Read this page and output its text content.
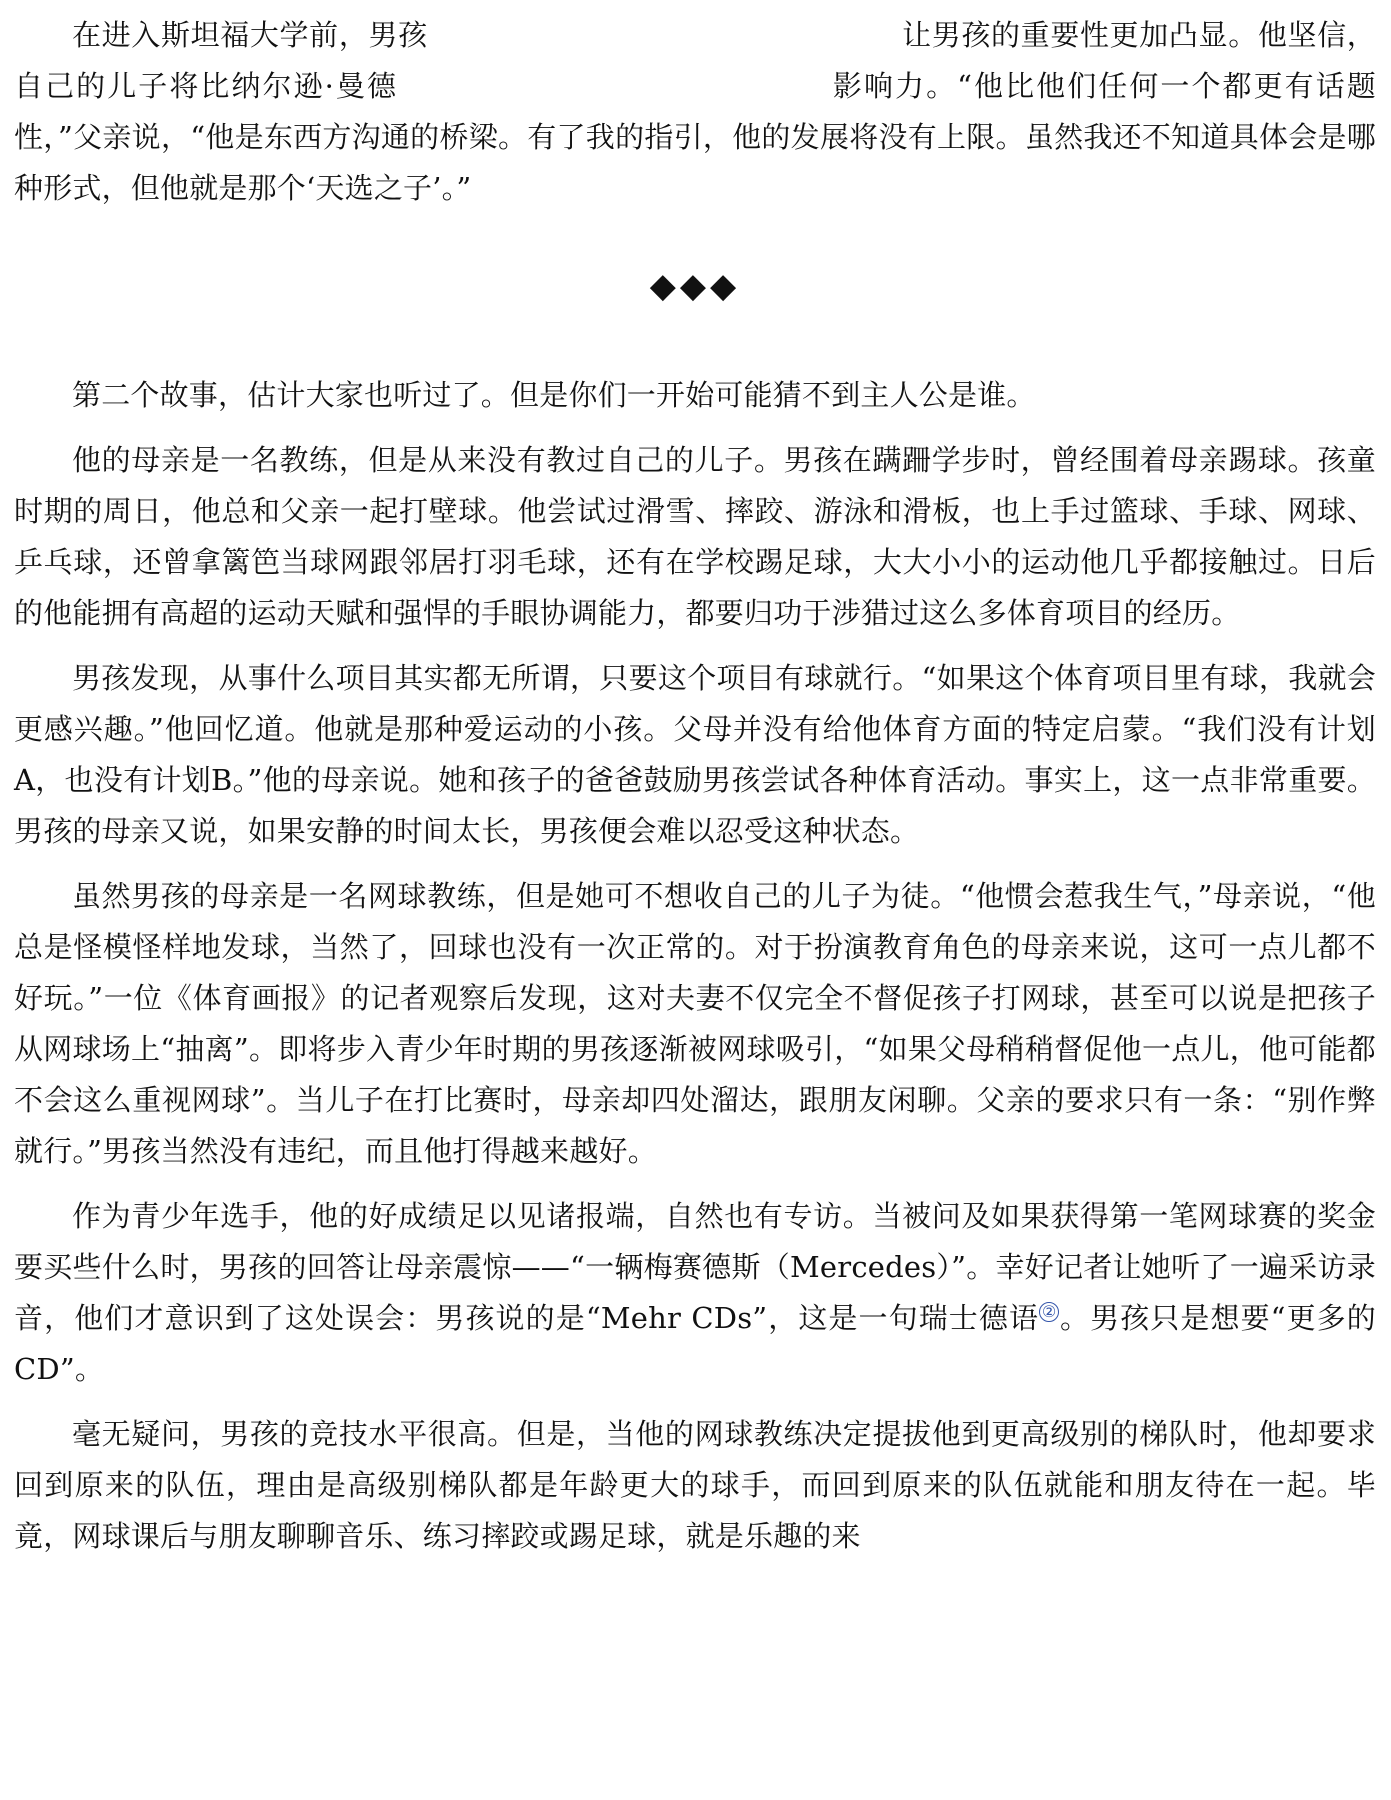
在进入斯坦福大学前，男孩　　　　　　　　　　　　　　　　让男孩的重要性更加凸显。他坚信，自己的儿子将比纳尔逊·曼德　　　　　　　　　　　　　　影响力。“他比他们任何一个都更有话题性，”父亲说，“他是东西方沟通的桥梁。有了我的指引，他的发展将没有上限。虽然我还不知道具体会是哪种形式，但他就是那个‘天选之子’。”

◆◆◆

第二个故事，估计大家也听过了。但是你们一开始可能猜不到主人公是谁。

他的母亲是一名教练，但是从来没有教过自己的儿子。男孩在蹒跚学步时，曾经围着母亲踢球。孩童时期的周日，他总和父亲一起打壁球。他尝试过滑雪、摔跤、游泳和滑板，也上手过篮球、手球、网球、乒乓球，还曾拿篱笆当球网跟邻居打羽毛球，还有在学校踢足球，大大小小的运动他几乎都接触过。日后的他能拥有高超的运动天赋和强悍的手眼协调能力，都要归功于涉猎过这么多体育项目的经历。

男孩发现，从事什么项目其实都无所谓，只要这个项目有球就行。“如果这个体育项目里有球，我就会更感兴趣。”他回忆道。他就是那种爱运动的小孩。父母并没有给他体育方面的特定启蒙。“我们没有计划A，也没有计划B。”他的母亲说。她和孩子的爸爸鼓励男孩尝试各种体育活动。事实上，这一点非常重要。男孩的母亲又说，如果安静的时间太长，男孩便会难以忍受这种状态。

虽然男孩的母亲是一名网球教练，但是她可不想收自己的儿子为徒。“他惯会惹我生气，”母亲说，“他总是怪模怪样地发球，当然了，回球也没有一次正常的。对于扮演教育角色的母亲来说，这可一点儿都不好玩。”一位《体育画报》的记者观察后发现，这对夫妻不仅完全不督促孩子打网球，甚至可以说是把孩子从网球场上“抽离”。即将步入青少年时期的男孩逐渐被网球吸引，“如果父母稍稍督促他一点儿，他可能都不会这么重视网球”。当儿子在打比赛时，母亲却四处溜达，跟朋友闲聊。父亲的要求只有一条：“别作弊就行。”男孩当然没有违纪，而且他打得越来越好。

作为青少年选手，他的好成绩足以见诸报端，自然也有专访。当被问及如果获得第一笔网球赛的奖金要买些什么时，男孩的回答让母亲震惊——“一辆梅赛德斯（Mercedes）”。幸好记者让她听了一遍采访录音，他们才意识到了这处误会：男孩说的是“Mehr CDs”，这是一句瑞士德语 ②。男孩只是想要“更多的CD”。

毫无疑问，男孩的竞技水平很高。但是，当他的网球教练决定提拔他到更高级别的梯队时，他却要求回到原来的队伍，理由是高级别梯队都是年龄更大的球手，而回到原来的队伍就能和朋友待在一起。毕竟，网球课后与朋友聊聊音乐、练习摔跤或踢足球，就是乐趣的来
